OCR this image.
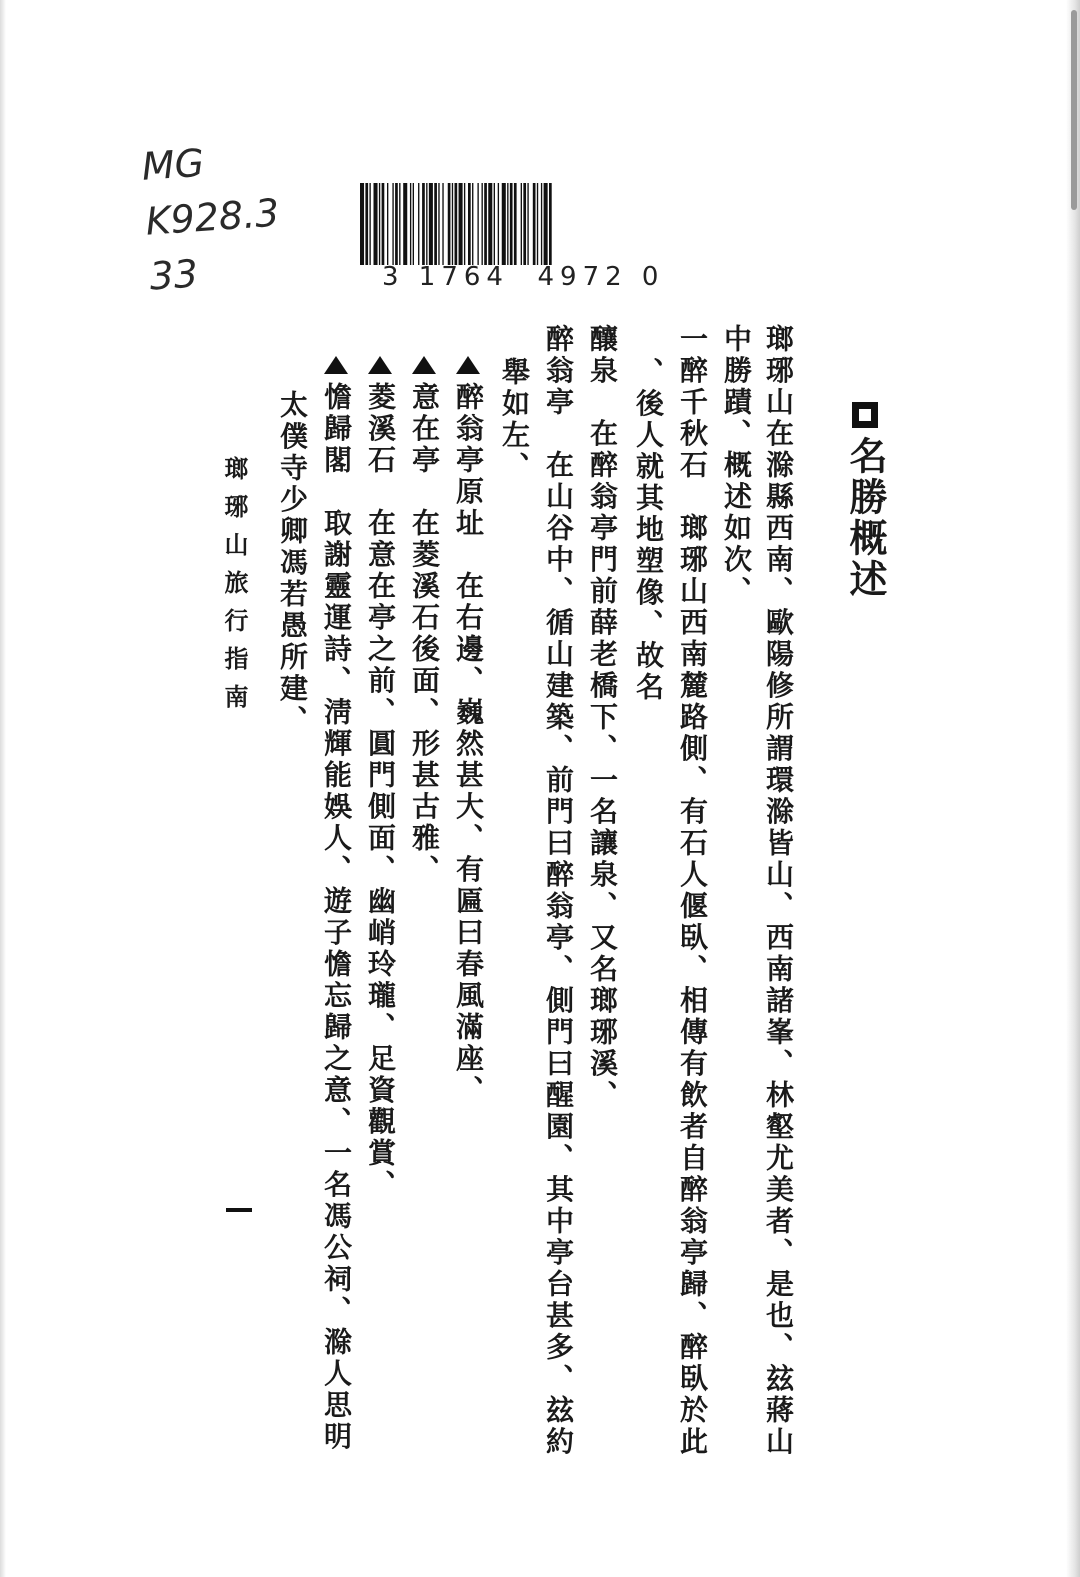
MG
K928.3
33	3 1764  4972 0
名勝概述
瑯琊山在滁縣西南、歐陽修所謂環滁皆山、西南諸峯、林壑尤美者、是也、玆蔣山
中勝蹟、概述如次、
一醉千秋石　瑯琊山西南麓路側、有石人偃臥、相傳有飲者自醉翁亭歸、醉臥於此
、後人就其地塑像、故名
釀泉　在醉翁亭門前薛老橋下、一名讓泉、又名瑯琊溪、
醉翁亭　在山谷中、循山建築、前門曰醉翁亭、側門曰醒園、其中亭台甚多、玆約
舉如左、
醉翁亭原址　在右邊、巍然甚大、有匾曰春風滿座、
意在亭　在菱溪石後面、形甚古雅、
菱溪石　在意在亭之前、圓門側面、幽峭玲瓏、足資觀賞、
憺歸閣　取謝靈運詩、淸輝能娛人、遊子憺忘歸之意、一名馮公祠、滁人思明
太僕寺少卿馮若愚所建、
瑯琊山旅行指南
